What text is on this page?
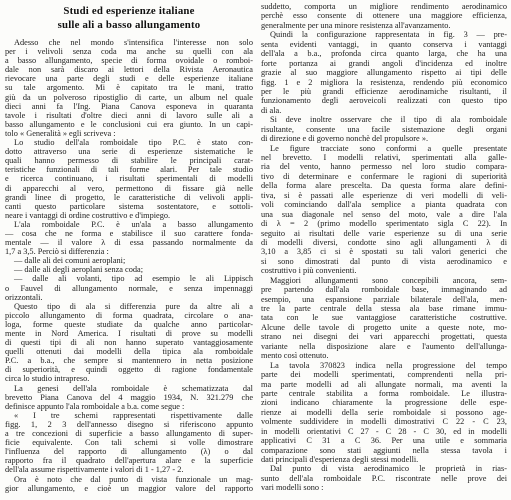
Studi ed esperienze italiane
sulle ali a basso allungamento
Adesso che nel mondo s'intensifica l'interesse non solo
per i velivoli senza coda ma anche su quelli con ala
a basso allungamento, specie di forma ovoidale o romboi-
dale non sarà discaro ai lettori della Rivista Aeronautica
rievocare una parte degli studi e delle esperienze italiane
su tale argomento. Mi è capitato tra le mani, tratto
giù da un polveroso ripostiglio di carte, un album nel quale
dieci anni fa l'Ing. Piana Canova esponeva in quaranta
tavole i risultati d'oltre dieci anni di lavoro sulle ali a
basso allungamento e le conclusioni cui era giunto. In un capi-
tolo « Generalità » egli scriveva :
Lo studio dell'ala romboidale tipo P.C. è stato con-
dotto attraverso una serie di esperienze sistematiche le
quali hanno permesso di stabilire le principali carat-
teristiche funzionali di tali forme alari. Per tale studio
e ricerca continuano, i risultati sperimentali di modelli
di apparecchi al vero, permettono di fissare già nelle
grandi linee di progetto, le caratteristiche di velivoli appli-
canti questo particolare sistema sostentatore, e sottoli-
neare i vantaggi di ordine costruttivo e d'impiego.
L'ala romboidale P.C. è un'ala a basso allungamento
— cosa che ne forma e stabilisce il suo carattere fonda-
mentale — il valore λ di essa passando normalmente da
1,7 a 3,5. Perciò si differenzia :
— dalle ali dei comuni aeroplani;
— dalle ali degli aeroplani senza coda;
— dalle ali volanti, tipo ad esempio le ali Lippisch
o Fauvel di allungamento normale, e senza impennaggi
orizzontali.
Questo tipo di ala si differenzia pure da altre ali a
piccolo allungamento di forma quadrata, circolare o ana-
loga, forme queste studiate da qualche anno particolar-
mente in Nord America. I risultati di prove su modelli
di questi tipi di ali non hanno superato vantaggiosamente
quelli ottenuti dai modelli della tipica ala romboidale
P.C. a b.a., che sempre si mantennero in netta posizione
di superiorità, e quindi oggetto di ragione fondamentale
circa lo studio intrapreso.
La genesi dell'ala romboidale è schematizzata dal
brevetto Piana Canova del 4 maggio 1934, N. 321.279 che
definisce appunto l'ala romboidale a b.a. come segue :
« I tre schemi rappresentati rispettivamente dalle
figg. 1, 2 3 dell'annesso disegno si riferiscono appunto
a tre concezioni di superficie a basso allungamento di super-
ficie equivalente. Con tali schemi si volle dimostrare
l'influenza del rapporto di allungamento (λ) o dal
rapporto fra il quadrato dell'apertura alare e la superficie
dell'ala assume rispettivamente i valori di 1 - 1,27 - 2.
Ora è noto che dal punto di vista funzionale un mag-
gior allungamento, e cioè un maggior valore del rapporto
suddetto, comporta un migliore rendimento aerodinamico
perchè esso consente di ottenere una maggiore efficienza,
generalmente per una minore resistenza all'avanzamento.
Quindi la configurazione rappresentata in fig. 3 — pre-
senta evidenti vantaggi, in quanto conserva i vantaggi
dell'ala a b.a., profonda circa quanto larga, che ha una
forte portanza ai grandi angoli d'incidenza ed inoltre
grazie al suo maggiore allungamento rispetto ai tipi delle
figg. 1 e 2 migliora la resistenza, rendendo più economico
per le più grandi efficienze aerodinamiche risultanti, il
funzionamento degli aeroveicoli realizzati con questo tipo
di ala.
Si deve inoltre osservare che il tipo di ala romboidale
risultante, consente una facile sistemazione degli organi
di direzione e di governo nonchè del propulsore ».
Le figure tracciate sono conformi a quelle presentate
nel brevetto. I modelli relativi, sperimentati alla galle-
ria del vento, hanno permesso nel loro studio compara-
tivo di determinare e confermare le ragioni di superiorità
della forma alare prescelta. Da questa forma alare defini-
tiva, si è passati alle esperienze di veri modelli di veli-
voli cominciando dall'ala semplice a pianta quadrata con
una sua diagonale nel senso del moto, vale a dire l'ala
di λ = 2 (primo modello sperimentato sigla C 22). In
seguito ai risultati delle varie esperienze su di una serie
di modelli diversi, condotte sino agli allungamenti λ di
3,10 a 3,85 ci si è spostati su tali valori generici che
si sono dimostrati dal punto di vista aerodinamico e
costruttivo i più convenienti.
Maggiori allungamenti sono concepibili ancora, sem-
pre partendo dall'ala romboidale base, immaginando ad
esempio, una espansione parziale bilaterale dell'ala, men-
tre la parte centrale della stessa ala base rimane immu-
tata con le sue vantaggiose caratteristiche costruttive.
Alcune delle tavole di progetto unite a queste note, mo-
strano nei disegni dei vari apparecchi progettati, questa
variante nella disposizione alare e l'aumento dell'allunga-
mento così ottenuto.
La tavola 370823 indica nella progressione del tempo
parte dei modelli sperimentati, comprendenti nella pri-
ma parte modelli ad ali allungate normali, ma aventi la
parte centrale stabilita a forma romboidale. Le illustra-
zioni indicano chiaramente la progressione delle espe-
rienze ai modelli della serie romboidale si possono age-
volmente suddividere in modelli dimostrativi C 22 - C 23,
in modelli orientativi C 27 - C 28 - C 30, ed in modelli
applicativi C 31 a C 36. Per una utile e sommaria
comparazione sono stati aggiunti nella stessa tavola i
dati principali d'esperienza degli stessi modelli.
Dal punto di vista aerodinamico le proprietà in rias-
sunto dell'ala romboidale P.C. riscontrate nelle prove dei
vari modelli sono :
